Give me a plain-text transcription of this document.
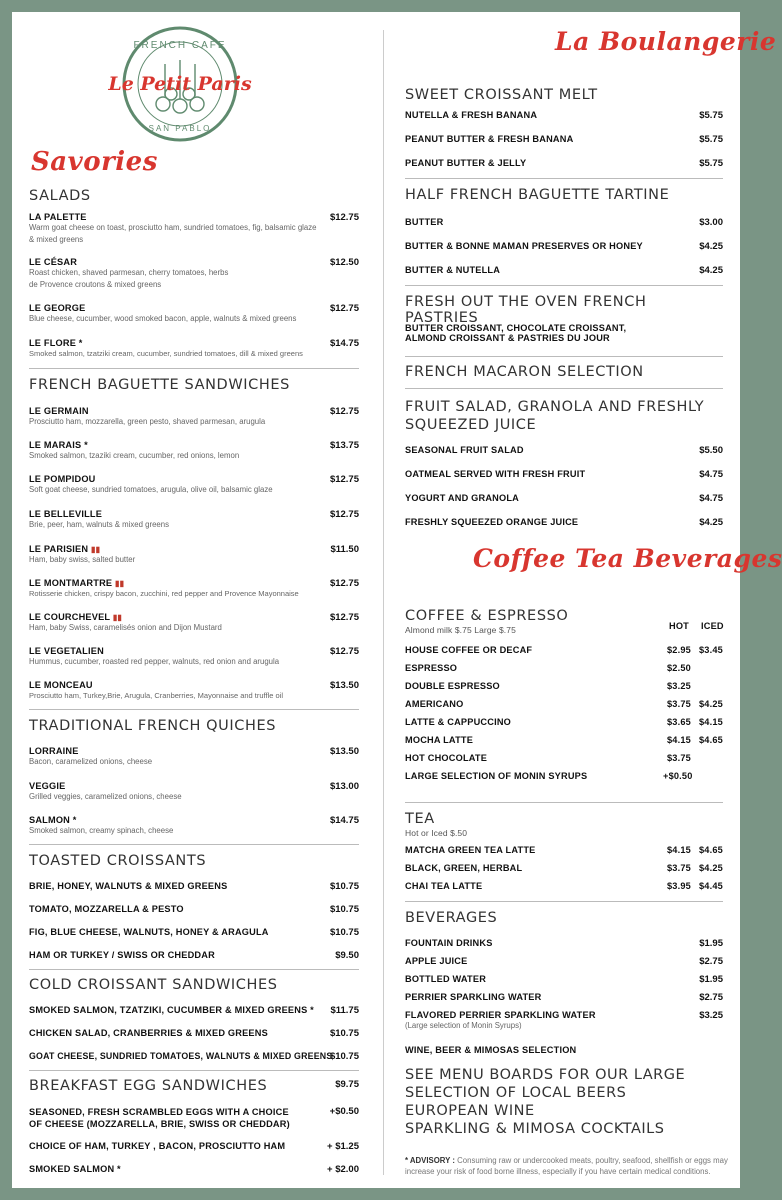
FRENCH CAFE
SAN PABLO
Le Petit Paris
Savories
SALADS
LA PALETTE
Warm goat cheese on toast, prosciutto ham, sundried tomatoes, fig, balsamic glaze & mixed greens
$12.75
LE CÉSAR
Roast chicken, shaved parmesan, cherry tomatoes, herbs de Provence croutons & mixed greens
$12.50
LE GEORGE
Blue cheese, cucumber, wood smoked bacon, apple, walnuts & mixed greens
$12.75
LE FLORE *
Smoked salmon, tzatziki cream, cucumber, sundried tomatoes, dill & mixed greens
$14.75
FRENCH BAGUETTE SANDWICHES
LE GERMAIN
Prosciutto ham, mozzarella, green pesto, shaved parmesan, arugula
$12.75
LE MARAIS *
Smoked salmon, tzaziki cream, cucumber, red onions, lemon
$13.75
LE POMPIDOU
Soft goat cheese, sundried tomatoes, arugula, olive oil, balsamic glaze
$12.75
LE BELLEVILLE
Brie, peer, ham, walnuts & mixed greens
$12.75
LE PARISIEN ▮▮
Ham, baby swiss, salted butter
$11.50
LE MONTMARTRE ▮▮
Rotisserie chicken, crispy bacon, zucchini, red pepper and Provence Mayonnaise
$12.75
LE COURCHEVEL ▮▮
Ham, baby Swiss, caramelisés onion and Dijon Mustard
$12.75
LE VEGETALIEN
Hummus, cucumber, roasted red pepper, walnuts, red onion and arugula
$12.75
LE MONCEAU
Prosciutto ham, Turkey,Brie, Arugula, Cranberries, Mayonnaise and truffle oil
$13.50
TRADITIONAL FRENCH QUICHES
LORRAINE
Bacon, caramelized onions, cheese
$13.50
VEGGIE
Grilled veggies, caramelized onions, cheese
$13.00
SALMON *
Smoked salmon, creamy spinach, cheese
$14.75
TOASTED CROISSANTS
BRIE, HONEY, WALNUTS & MIXED GREENS	$10.75
TOMATO, MOZZARELLA & PESTO	$10.75
FIG, BLUE CHEESE, WALNUTS, HONEY & ARAGULA	$10.75
HAM OR TURKEY / SWISS OR CHEDDAR	$9.50
COLD CROISSANT SANDWICHES
SMOKED SALMON, TZATZIKI, CUCUMBER & MIXED GREENS *	$11.75
CHICKEN SALAD, CRANBERRIES & MIXED GREENS	$10.75
GOAT CHEESE, SUNDRIED TOMATOES, WALNUTS & MIXED GREENS
$10.75
BREAKFAST EGG SANDWICHES	$9.75
SEASONED, FRESH SCRAMBLED EGGS WITH A CHOICE OF CHEESE (MOZZARELLA, BRIE, SWISS OR CHEDDAR)
+$0.50
CHOICE OF HAM, TURKEY , BACON, PROSCIUTTO HAM	+ $1.25
SMOKED SALMON *	+ $2.00
La Boulangerie
SWEET CROISSANT MELT
NUTELLA & FRESH BANANA	$5.75
PEANUT BUTTER & FRESH BANANA	$5.75
PEANUT BUTTER & JELLY	$5.75
HALF FRENCH BAGUETTE TARTINE
BUTTER	$3.00
BUTTER & BONNE MAMAN PRESERVES OR HONEY	$4.25
BUTTER & NUTELLA	$4.25
FRESH OUT THE OVEN FRENCH PASTRIES
BUTTER CROISSANT, CHOCOLATE CROISSANT,
ALMOND CROISSANT & PASTRIES DU JOUR
FRENCH MACARON SELECTION
FRUIT SALAD, GRANOLA AND FRESHLY
SQUEEZED JUICE
SEASONAL FRUIT SALAD	$5.50
OATMEAL SERVED WITH FRESH FRUIT	$4.75
YOGURT AND GRANOLA	$4.75
FRESHLY SQUEEZED ORANGE JUICE	$4.25
Coffee Tea Beverages
COFFEE & ESPRESSO
Almond milk $.75 Large $.75	HOT ICED
HOUSE COFFEE OR DECAF	$2.95 $3.45
ESPRESSO	$2.50
DOUBLE ESPRESSO	$3.25
AMERICANO	$3.75 $4.25
LATTE & CAPPUCCINO	$3.65 $4.15
MOCHA LATTE	$4.15 $4.65
HOT CHOCOLATE	$3.75
LARGE SELECTION OF MONIN SYRUPS	+$0.50
TEA
Hot or Iced $.50
MATCHA GREEN TEA LATTE	$4.15 $4.65
BLACK, GREEN, HERBAL	$3.75 $4.25
CHAI TEA LATTE	$3.95 $4.45
BEVERAGES
FOUNTAIN DRINKS	$1.95
APPLE JUICE	$2.75
BOTTLED WATER	$1.95
PERRIER SPARKLING WATER	$2.75
FLAVORED PERRIER SPARKLING WATER
(Large selection of Monin Syrups)
$3.25
WINE, BEER & MIMOSAS SELECTION
SEE MENU BOARDS FOR OUR LARGE
SELECTION OF LOCAL BEERS
EUROPEAN WINE
SPARKLING & MIMOSA COCKTAILS
* ADVISORY : Consuming raw or undercooked meats, poultry, seafood, shellfish or eggs may
increase your risk of food borne illness, especially if you have certain medical conditions.
